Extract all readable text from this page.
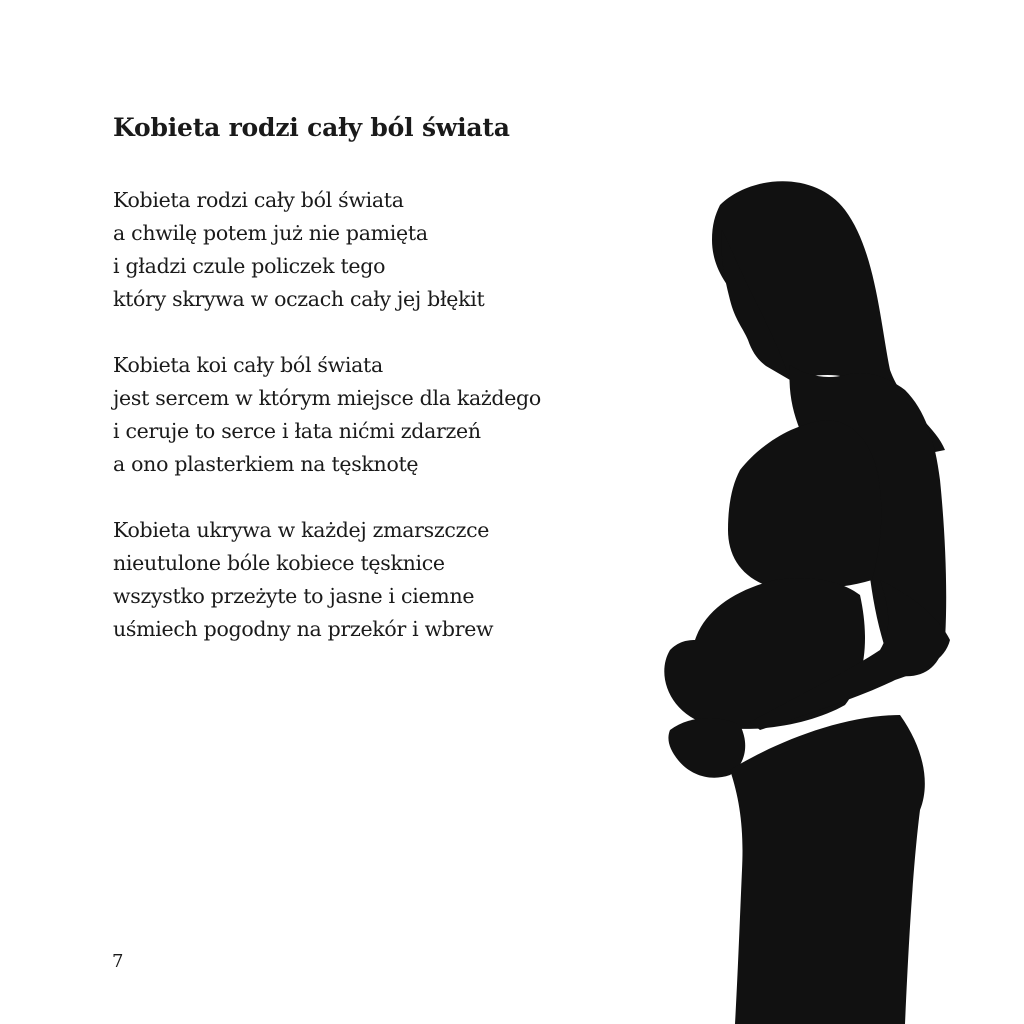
Kobieta rodzi cały ból świata
Kobieta rodzi cały ból świata
a chwilę potem już nie pamięta
i gładzi czule policzek tego
który skrywa w oczach cały jej błękit
Kobieta koi cały ból świata
jest sercem w którym miejsce dla każdego
i ceruje to serce i łata nićmi zdarzeń
a ono plasterkiem na tęsknotę
Kobieta ukrywa w każdej zmarszczce
nieutulone bóle kobiece tęsknice
wszystko przeżyte to jasne i ciemne
uśmiech pogodny na przekór i wbrew
7
